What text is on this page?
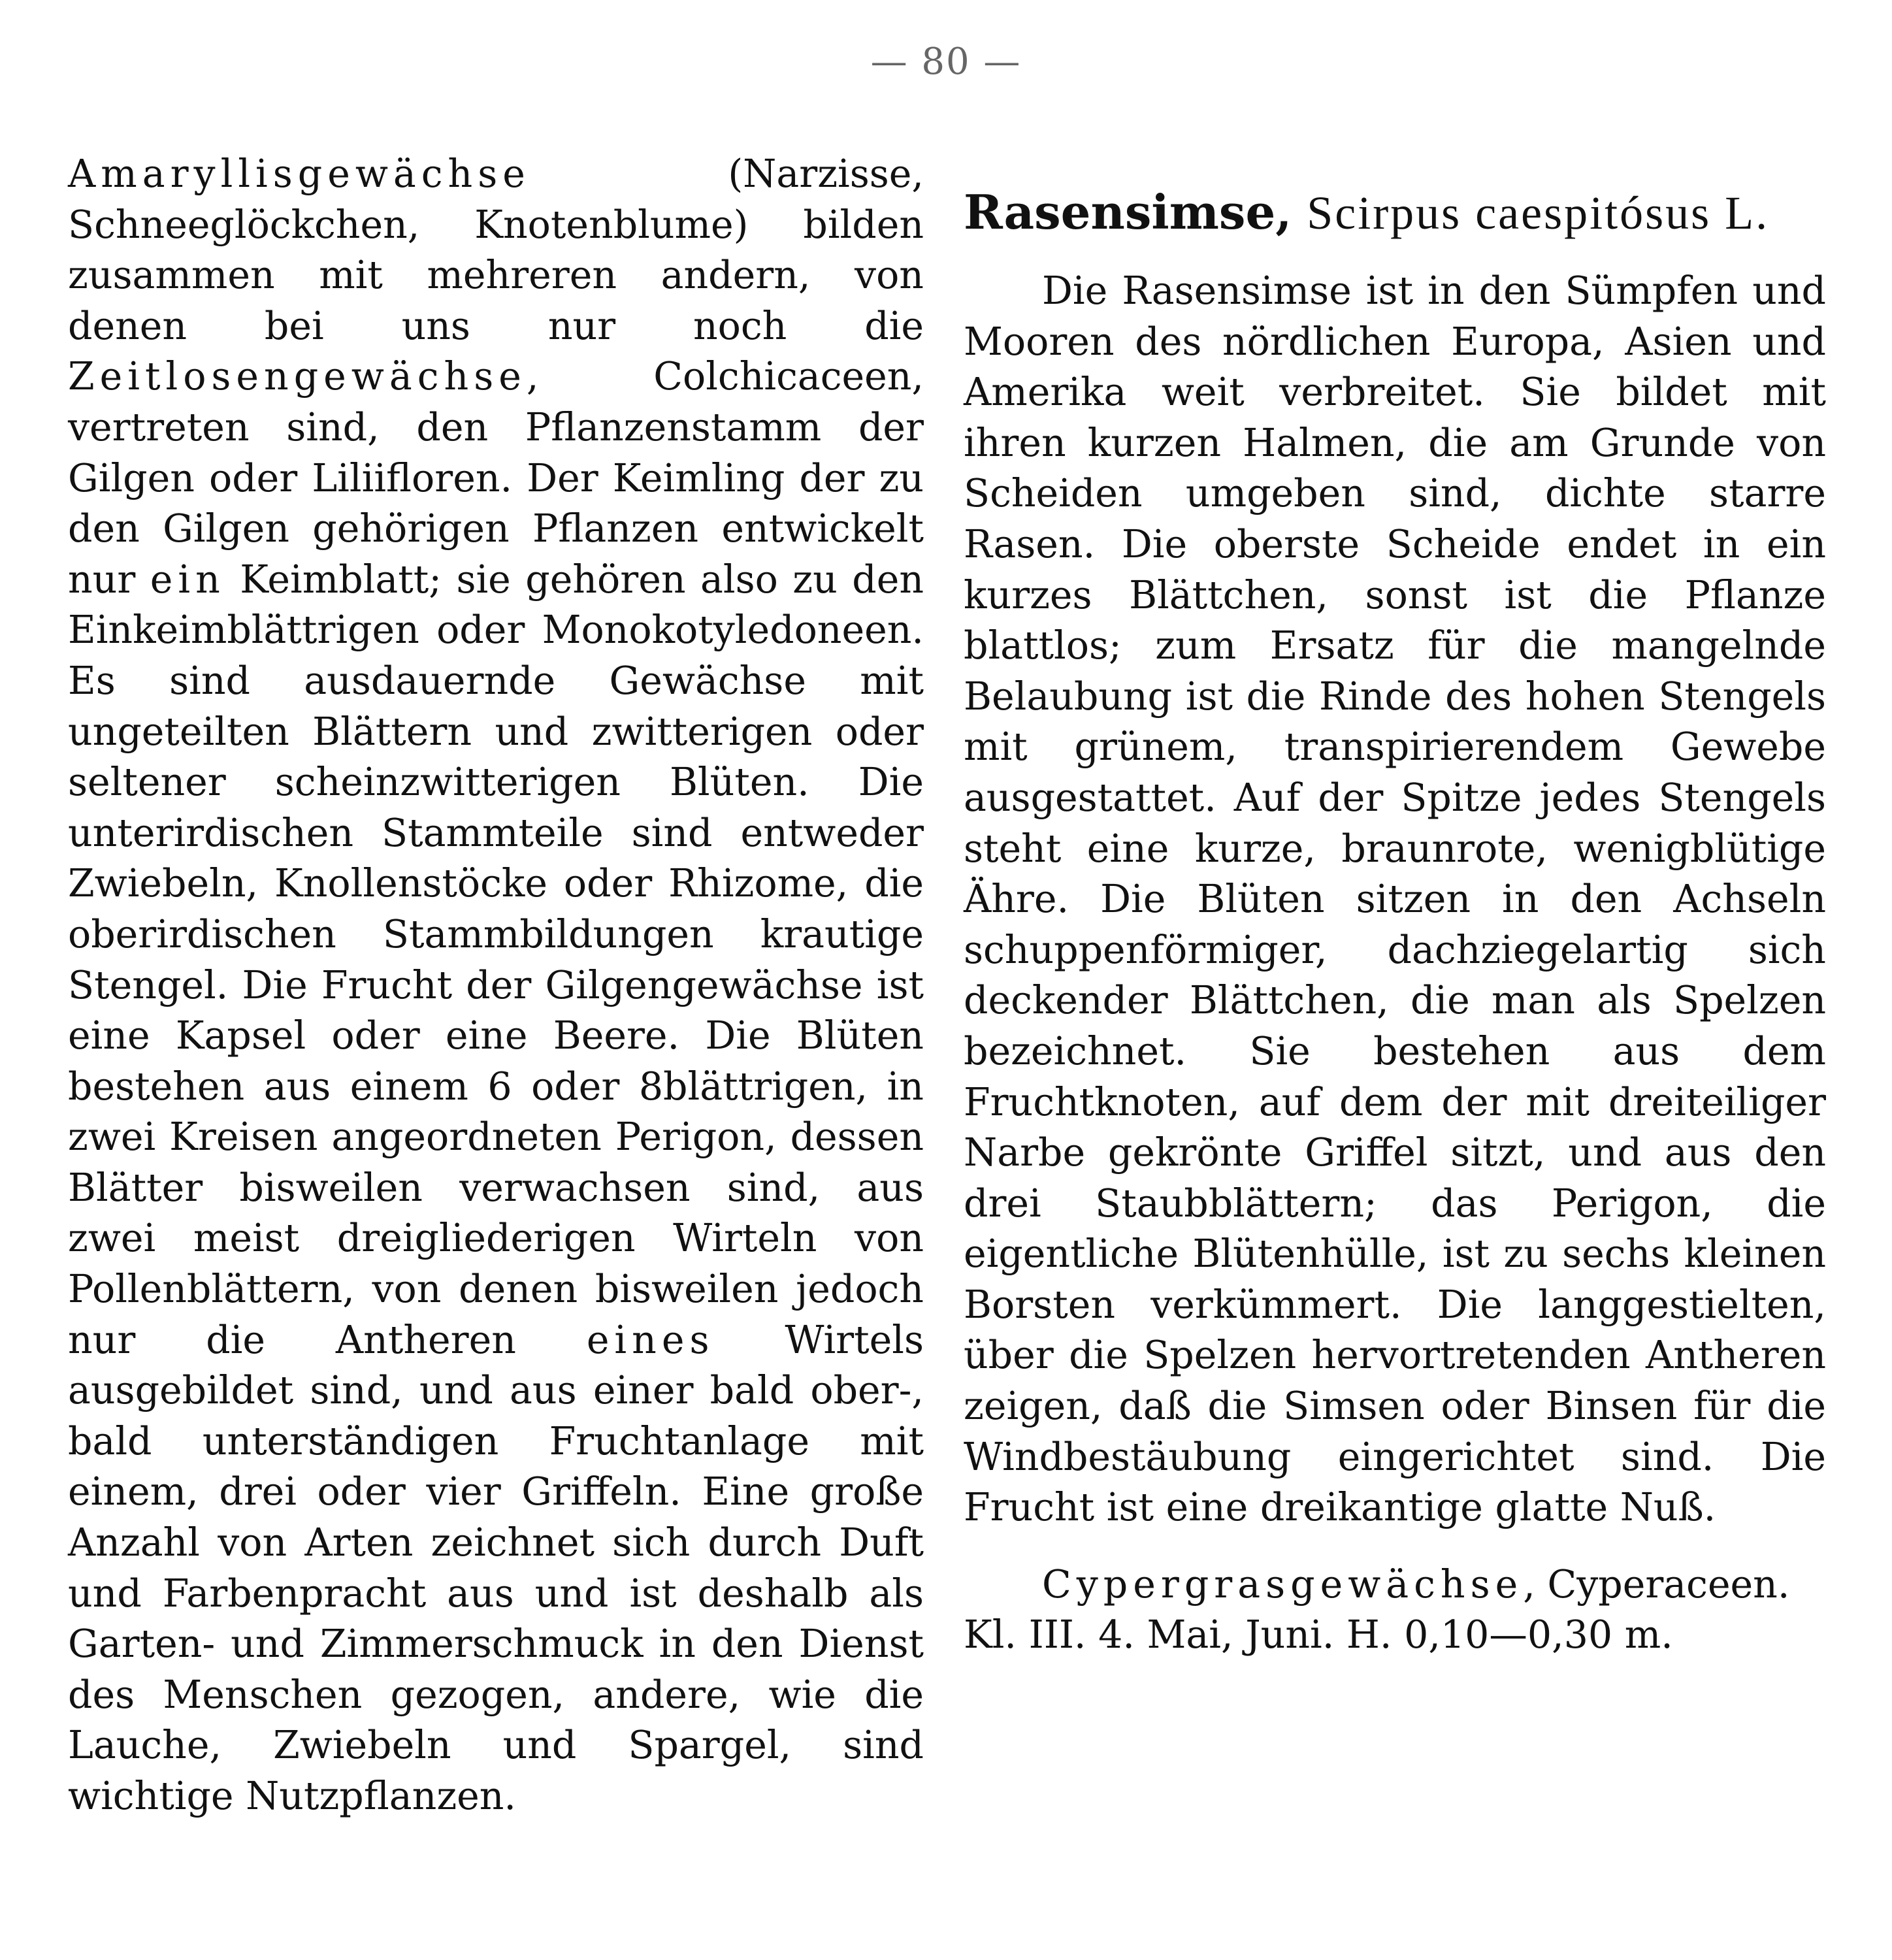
— 80 —

Amaryllisgewächse (Narzisse, Schneeglöckchen, Knotenblume) bilden zusammen mit mehreren andern, von denen bei uns nur noch die Zeitlosengewächse, Colchicaceen, vertreten sind, den Pflanzenstamm der Gilgen oder Liliifloren. Der Keimling der zu den Gilgen gehörigen Pflanzen entwickelt nur ein Keimblatt; sie gehören also zu den Einkeimblättrigen oder Monokotyledoneen. Es sind ausdauernde Gewächse mit ungeteilten Blättern und zwitterigen oder seltener scheinzwitterigen Blüten. Die unterirdischen Stammteile sind entweder Zwiebeln, Knollenstöcke oder Rhizome, die oberirdischen Stammbildungen krautige Stengel. Die Frucht der Gilgengewächse ist eine Kapsel oder eine Beere. Die Blüten bestehen aus einem 6 oder 8blättrigen, in zwei Kreisen angeordneten Perigon, dessen Blätter bisweilen verwachsen sind, aus zwei meist dreigliederigen Wirteln von Pollenblättern, von denen bisweilen jedoch nur die Antheren eines Wirtels ausgebildet sind, und aus einer bald ober-, bald unterständigen Fruchtanlage mit einem, drei oder vier Griffeln. Eine große Anzahl von Arten zeichnet sich durch Duft und Farbenpracht aus und ist deshalb als Garten- und Zimmerschmuck in den Dienst des Menschen gezogen, andere, wie die Lauche, Zwiebeln und Spargel, sind wichtige Nutzpflanzen.

Rasensimse, Scirpus caespitósus L.

Die Rasensimse ist in den Sümpfen und Mooren des nördlichen Europa, Asien und Amerika weit verbreitet. Sie bildet mit ihren kurzen Halmen, die am Grunde von Scheiden umgeben sind, dichte starre Rasen. Die oberste Scheide endet in ein kurzes Blättchen, sonst ist die Pflanze blattlos; zum Ersatz für die mangelnde Belaubung ist die Rinde des hohen Stengels mit grünem, transpirierendem Gewebe ausgestattet. Auf der Spitze jedes Stengels steht eine kurze, braunrote, wenigblütige Ähre. Die Blüten sitzen in den Achseln schuppenförmiger, dachziegelartig sich deckender Blättchen, die man als Spelzen bezeichnet. Sie bestehen aus dem Fruchtknoten, auf dem der mit dreiteiliger Narbe gekrönte Griffel sitzt, und aus den drei Staubblättern; das Perigon, die eigentliche Blütenhülle, ist zu sechs kleinen Borsten verkümmert. Die langgestielten, über die Spelzen hervortretenden Antheren zeigen, daß die Simsen oder Binsen für die Windbestäubung eingerichtet sind. Die Frucht ist eine dreikantige glatte Nuß.

Cypergrasgewächse, Cyperaceen.

Kl. III. 4. Mai, Juni. H. 0,10—0,30 m.
